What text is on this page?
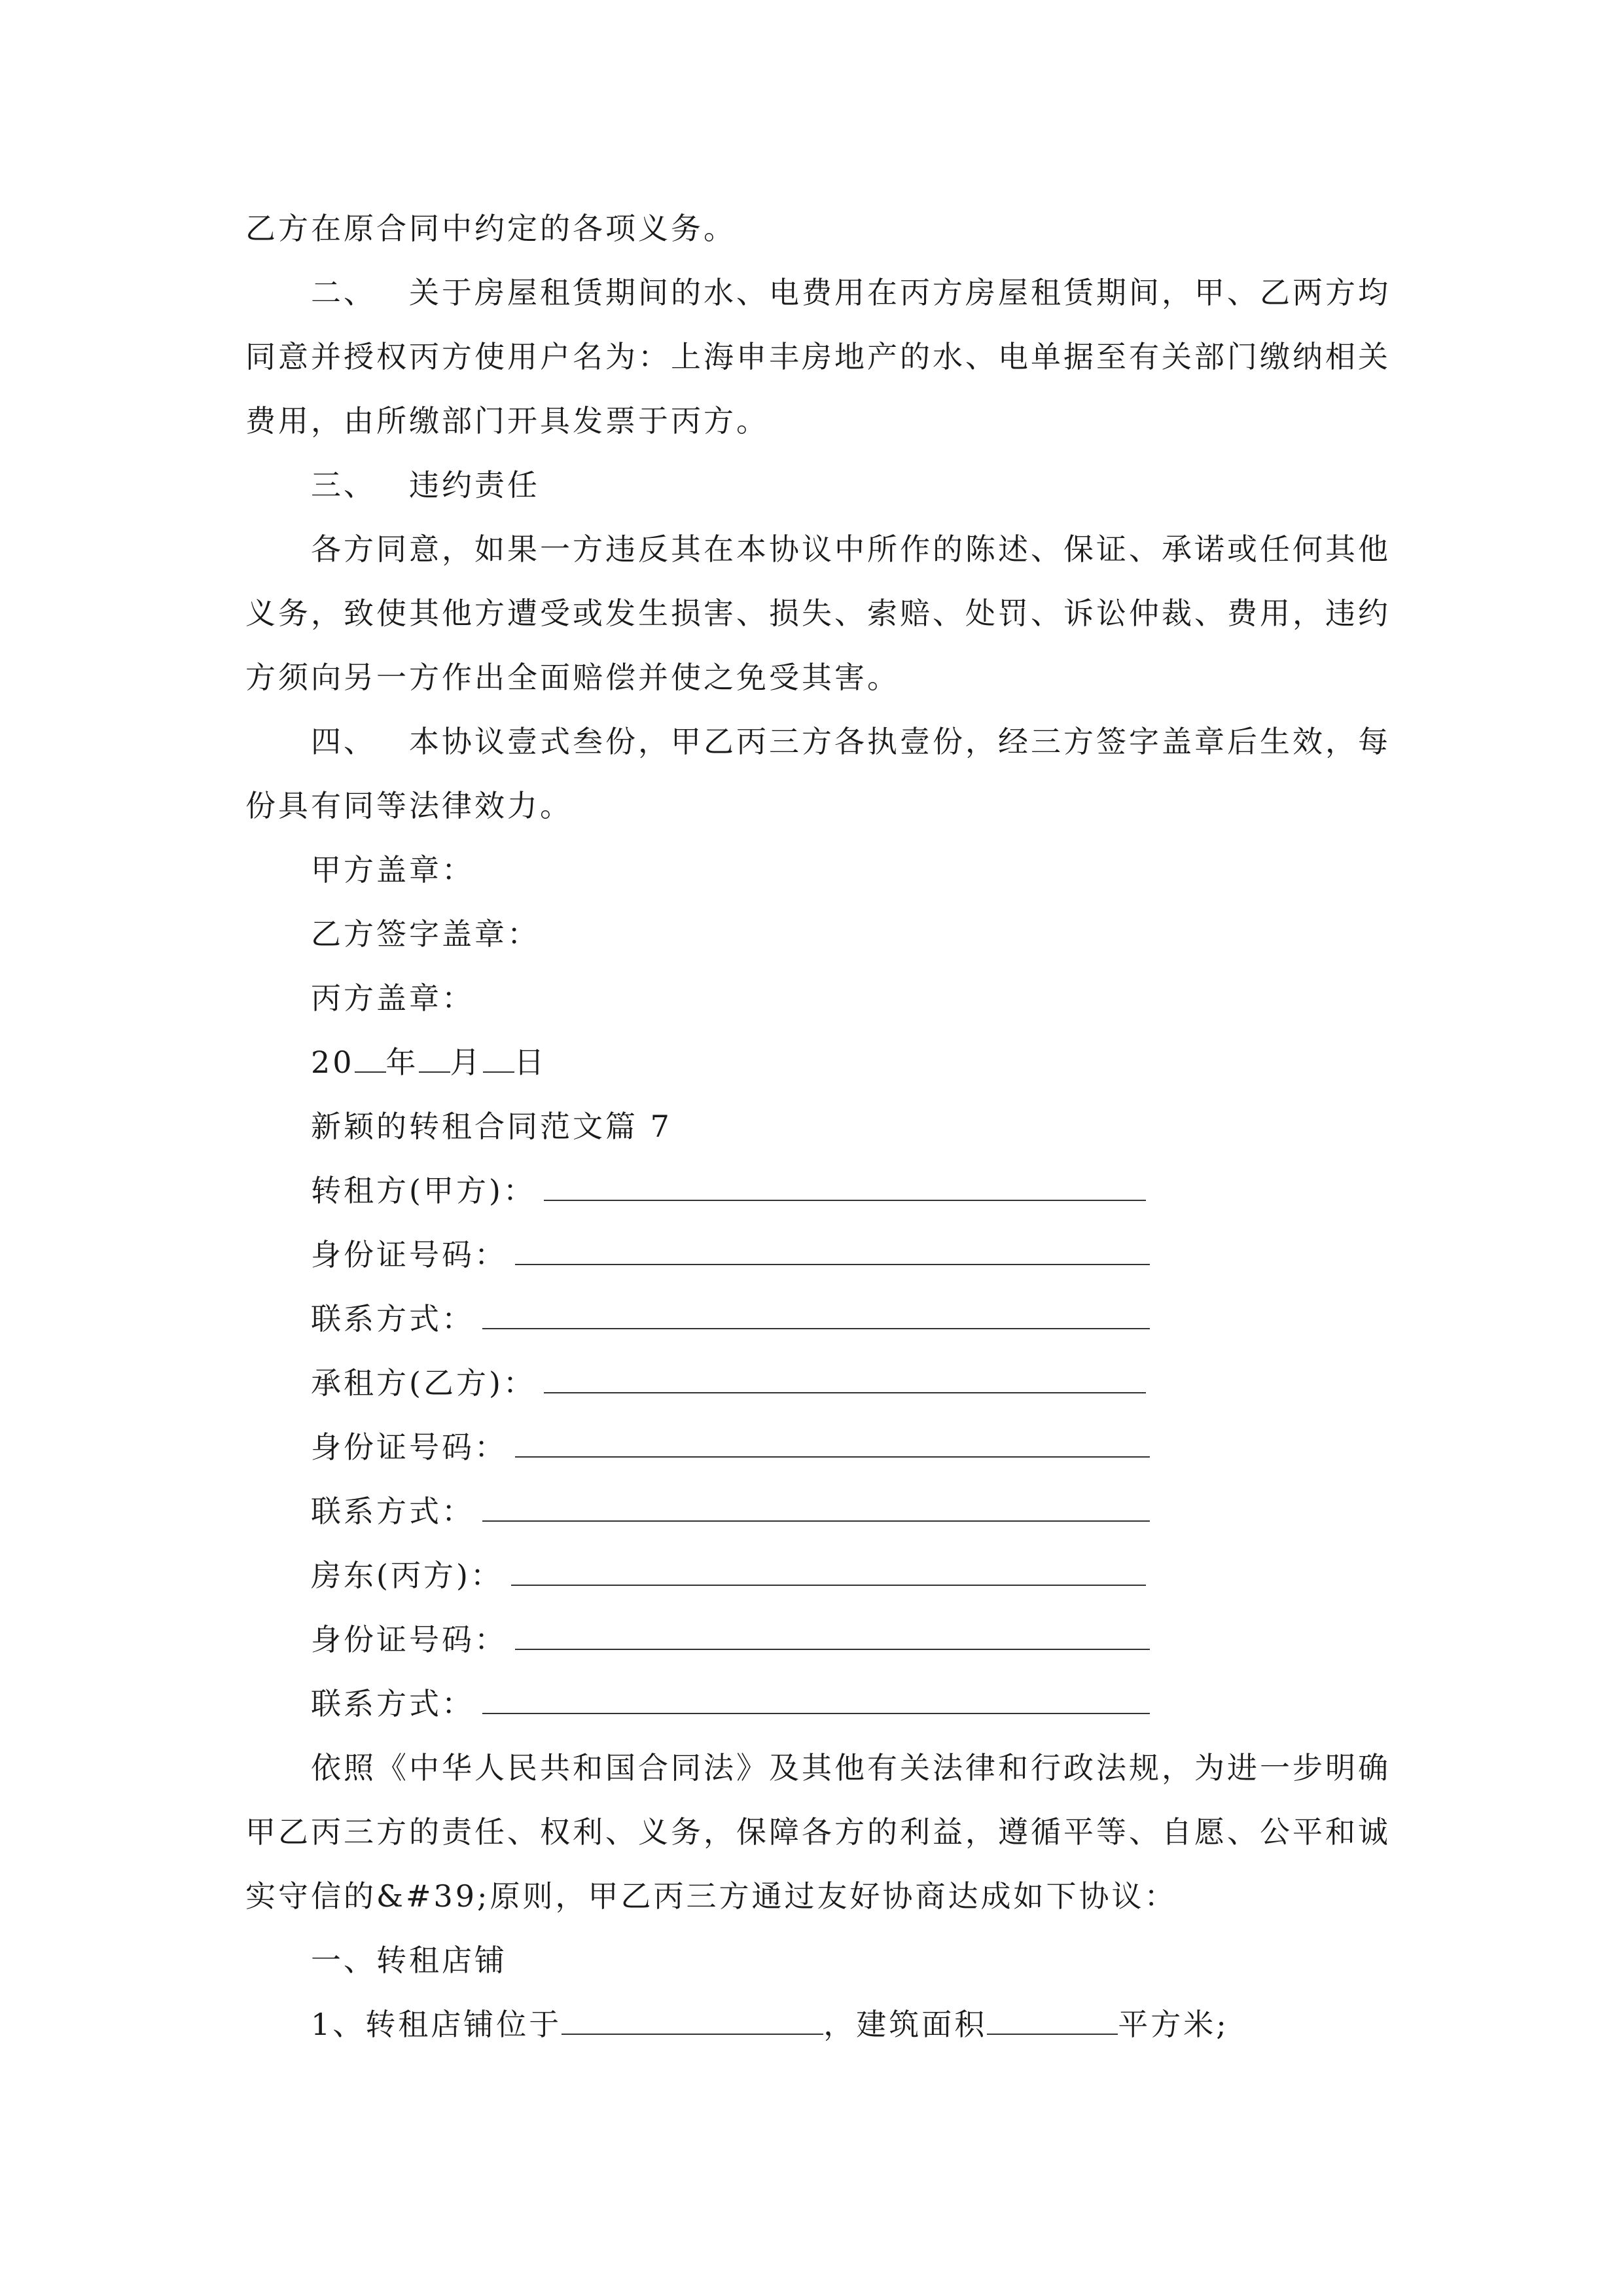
乙方在原合同中约定的各项义务。
二、 关于房屋租赁期间的水、电费用在丙方房屋租赁期间，甲、乙两方均
同意并授权丙方使用户名为：上海申丰房地产的水、电单据至有关部门缴纳相关
费用，由所缴部门开具发票于丙方。
三、 违约责任
各方同意，如果一方违反其在本协议中所作的陈述、保证、承诺或任何其他
义务，致使其他方遭受或发生损害、损失、索赔、处罚、诉讼仲裁、费用，违约
方须向另一方作出全面赔偿并使之免受其害。
四、 本协议壹式叁份，甲乙丙三方各执壹份，经三方签字盖章后生效，每
份具有同等法律效力。
甲方盖章：
乙方签字盖章：
丙方盖章：
20 年 月 日
新颖的转租合同范文篇 7
转租方(甲方)：
身份证号码：
联系方式：
承租方(乙方)：
身份证号码：
联系方式：
房东(丙方)：
身份证号码：
联系方式：
依照《中华人民共和国合同法》及其他有关法律和行政法规，为进一步明确
甲乙丙三方的责任、权利、义务，保障各方的利益，遵循平等、自愿、公平和诚
实守信的&#39;原则，甲乙丙三方通过友好协商达成如下协议：
一、转租店铺
1、转租店铺位于	，建筑面积	平方米;
